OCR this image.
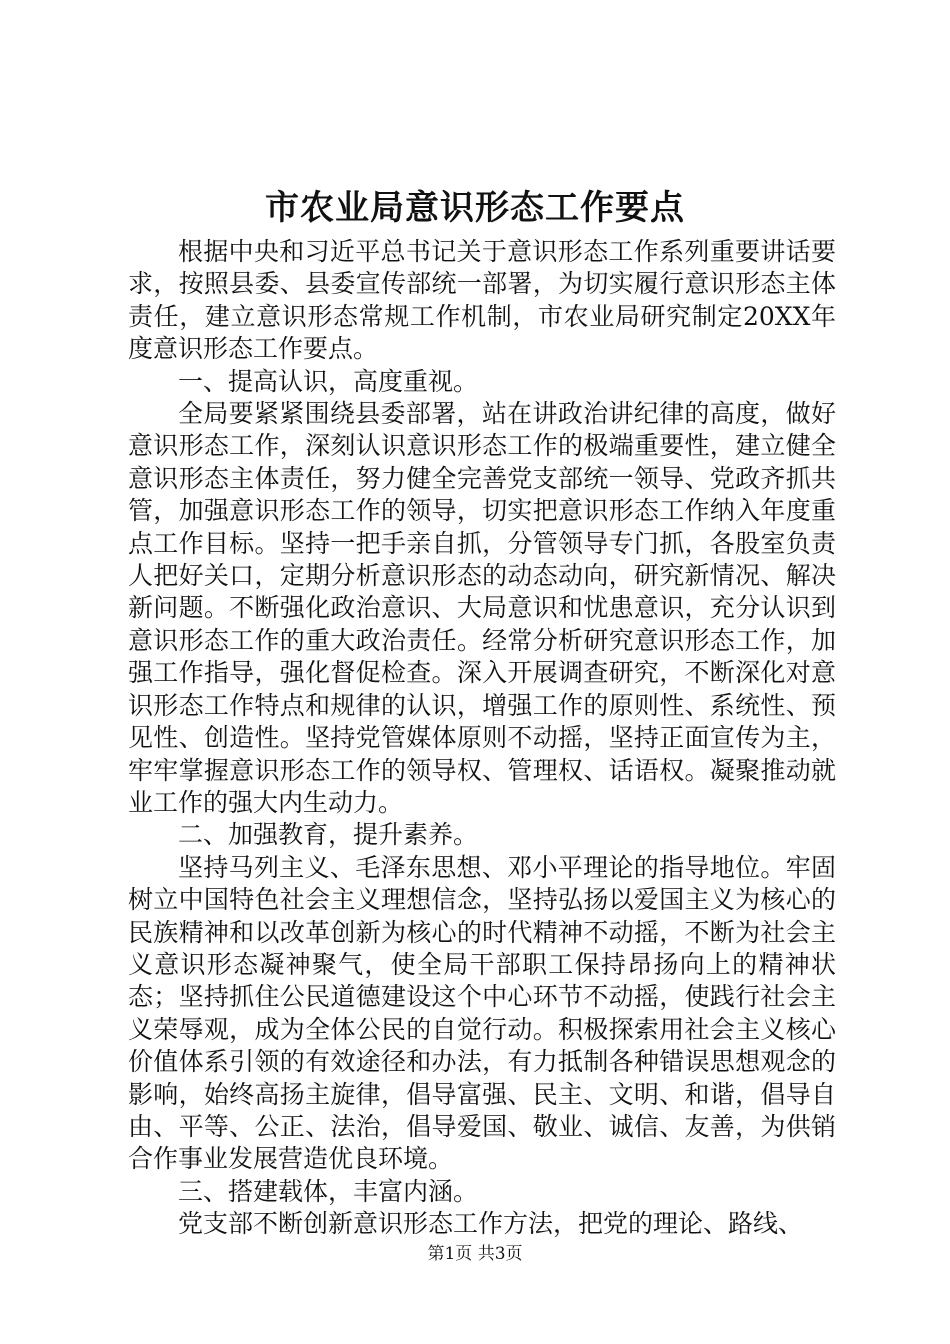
市农业局意识形态工作要点

根据中央和习近平总书记关于意识形态工作系列重要讲话要求，按照县委、县委宣传部统一部署，为切实履行意识形态主体责任，建立意识形态常规工作机制，市农业局研究制定20XX年度意识形态工作要点。

一、提高认识，高度重视。

全局要紧紧围绕县委部署，站在讲政治讲纪律的高度，做好意识形态工作，深刻认识意识形态工作的极端重要性，建立健全意识形态主体责任，努力健全完善党支部统一领导、党政齐抓共管，加强意识形态工作的领导，切实把意识形态工作纳入年度重点工作目标。坚持一把手亲自抓，分管领导专门抓，各股室负责人把好关口，定期分析意识形态的动态动向，研究新情况、解决新问题。不断强化政治意识、大局意识和忧患意识，充分认识到意识形态工作的重大政治责任。经常分析研究意识形态工作，加强工作指导，强化督促检查。深入开展调查研究，不断深化对意识形态工作特点和规律的认识，增强工作的原则性、系统性、预见性、创造性。坚持党管媒体原则不动摇，坚持正面宣传为主，牢牢掌握意识形态工作的领导权、管理权、话语权。凝聚推动就业工作的强大内生动力。

二、加强教育，提升素养。

坚持马列主义、毛泽东思想、邓小平理论的指导地位。牢固树立中国特色社会主义理想信念，坚持弘扬以爱国主义为核心的民族精神和以改革创新为核心的时代精神不动摇，不断为社会主义意识形态凝神聚气，使全局干部职工保持昂扬向上的精神状态；坚持抓住公民道德建设这个中心环节不动摇，使践行社会主义荣辱观，成为全体公民的自觉行动。积极探索用社会主义核心价值体系引领的有效途径和办法，有力抵制各种错误思想观念的影响，始终高扬主旋律，倡导富强、民主、文明、和谐，倡导自由、平等、公正、法治，倡导爱国、敬业、诚信、友善，为供销合作事业发展营造优良环境。

三、搭建载体，丰富内涵。

党支部不断创新意识形态工作方法，把党的理论、路线、

第1页 共3页
